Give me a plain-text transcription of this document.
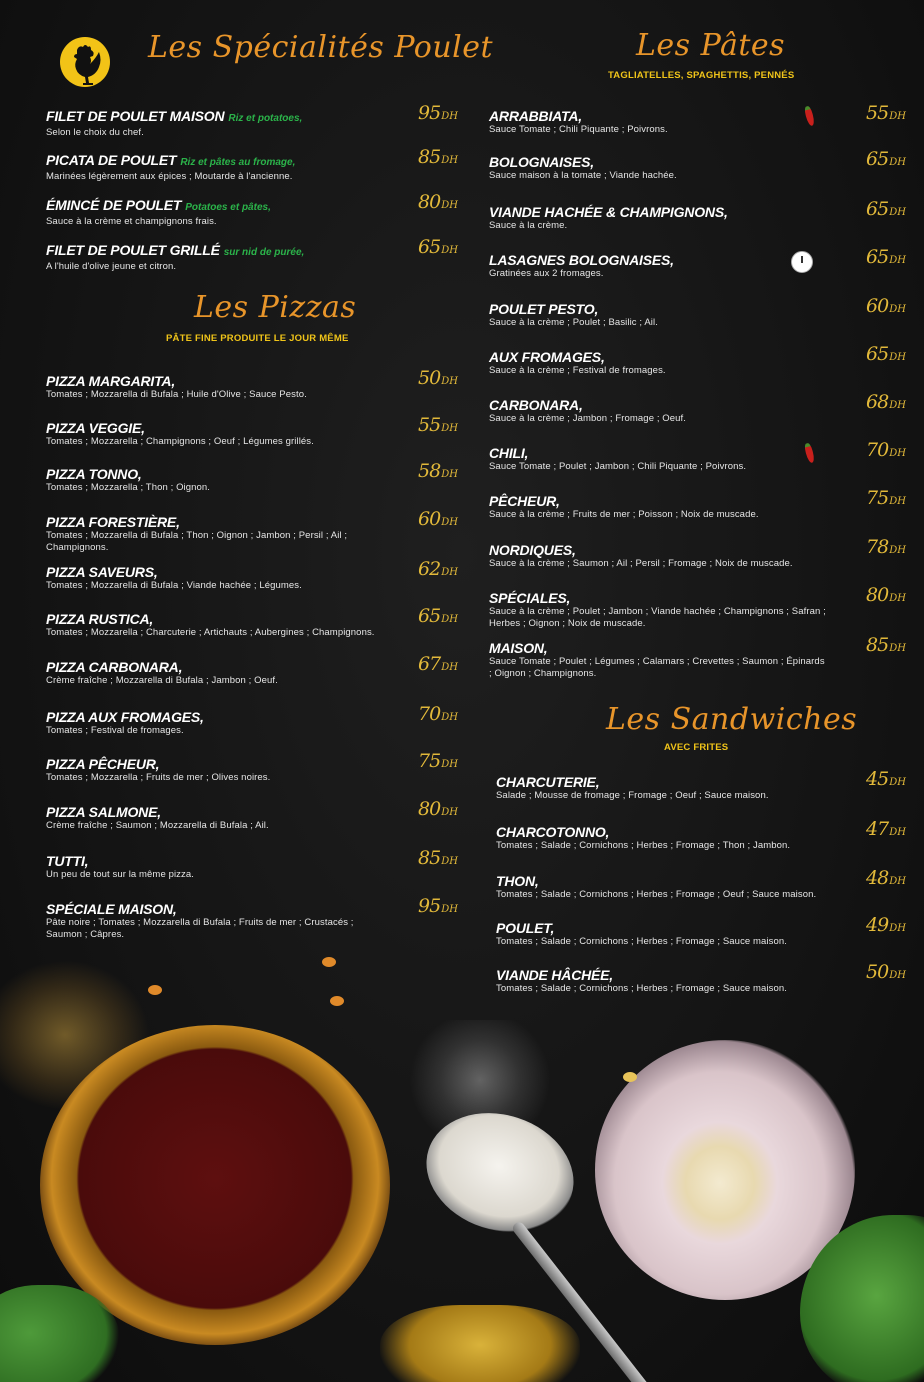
Les Spécialités Poulet
Les Pizzas
PÂTE FINE PRODUITE LE JOUR MÊME
Les Pâtes
TAGLIATELLES, SPAGHETTIS, PENNÉS
Les Sandwiches
AVEC FRITES
FILET DE POULET MAISON Riz et potatoes,
Selon le choix du chef.
95DH
PICATA DE POULET Riz et pâtes au fromage,
Marinées légèrement aux épices ; Moutarde à l'ancienne.
85DH
ÉMINCÉ DE POULET Potatoes et pâtes,
Sauce à la crème et champignons frais.
80DH
FILET DE POULET GRILLÉ sur nid de purée,
A l'huile d'olive jeune et citron.
65DH
PIZZA MARGARITA,
Tomates ; Mozzarella di Bufala ; Huile d'Olive ; Sauce Pesto.
50DH
PIZZA VEGGIE,
Tomates ; Mozzarella ; Champignons ; Oeuf ; Légumes grillés.
55DH
PIZZA TONNO,
Tomates ; Mozzarella ; Thon ; Oignon.
58DH
PIZZA FORESTIÈRE,
Tomates ; Mozzarella di Bufala ; Thon ; Oignon ; Jambon ; Persil ; Ail ; Champignons.
60DH
PIZZA SAVEURS,
Tomates ; Mozzarella di Bufala ; Viande hachée ; Légumes.
62DH
PIZZA RUSTICA,
Tomates ; Mozzarella ; Charcuterie ; Artichauts ; Aubergines ; Champignons.
65DH
PIZZA CARBONARA,
Crème fraîche ; Mozzarella di Bufala ; Jambon ; Oeuf.
67DH
PIZZA AUX FROMAGES,
Tomates ; Festival de fromages.
70DH
PIZZA PÊCHEUR,
Tomates ; Mozzarella ; Fruits de mer ; Olives noires.
75DH
PIZZA SALMONE,
Crème fraîche ; Saumon ; Mozzarella di Bufala ; Ail.
80DH
TUTTI,
Un peu de tout sur la même pizza.
85DH
SPÉCIALE MAISON,
Pâte noire ; Tomates ; Mozzarella di Bufala ; Fruits de mer ; Crustacés ; Saumon ; Câpres.
95DH
ARRABBIATA,
Sauce Tomate ; Chili Piquante ; Poivrons.
55DH
BOLOGNAISES,
Sauce maison à la tomate ; Viande hachée.
65DH
VIANDE HACHÉE & CHAMPIGNONS,
Sauce à la crème.
65DH
LASAGNES BOLOGNAISES,
Gratinées aux 2 fromages.
65DH
POULET PESTO,
Sauce à la crème ; Poulet ; Basilic ; Ail.
60DH
AUX FROMAGES,
Sauce à la crème ; Festival de fromages.
65DH
CARBONARA,
Sauce à la crème ; Jambon ; Fromage ; Oeuf.
68DH
CHILI,
Sauce Tomate ; Poulet ; Jambon ; Chili Piquante ; Poivrons.
70DH
PÊCHEUR,
Sauce à la crème ; Fruits de mer ; Poisson ; Noix de muscade.
75DH
NORDIQUES,
Sauce à la crème ; Saumon ; Ail ; Persil ; Fromage ; Noix de muscade.
78DH
SPÉCIALES,
Sauce à la crème ; Poulet ; Jambon ; Viande hachée ; Champignons ; Safran ; Herbes ; Oignon ; Noix de muscade.
80DH
MAISON,
Sauce Tomate ; Poulet ; Légumes ; Calamars ; Crevettes ; Saumon ; Épinards ; Oignon ; Champignons.
85DH
CHARCUTERIE,
Salade ; Mousse de fromage ; Fromage ; Oeuf ; Sauce maison.
45DH
CHARCOTONNO,
Tomates ; Salade ; Cornichons ; Herbes ; Fromage ; Thon ; Jambon.
47DH
THON,
Tomates ; Salade ; Cornichons ; Herbes ; Fromage ; Oeuf ; Sauce maison.
48DH
POULET,
Tomates ; Salade ; Cornichons ; Herbes ; Fromage ; Sauce maison.
49DH
VIANDE HÂCHÉE,
Tomates ; Salade ; Cornichons ; Herbes ; Fromage ; Sauce maison.
50DH
